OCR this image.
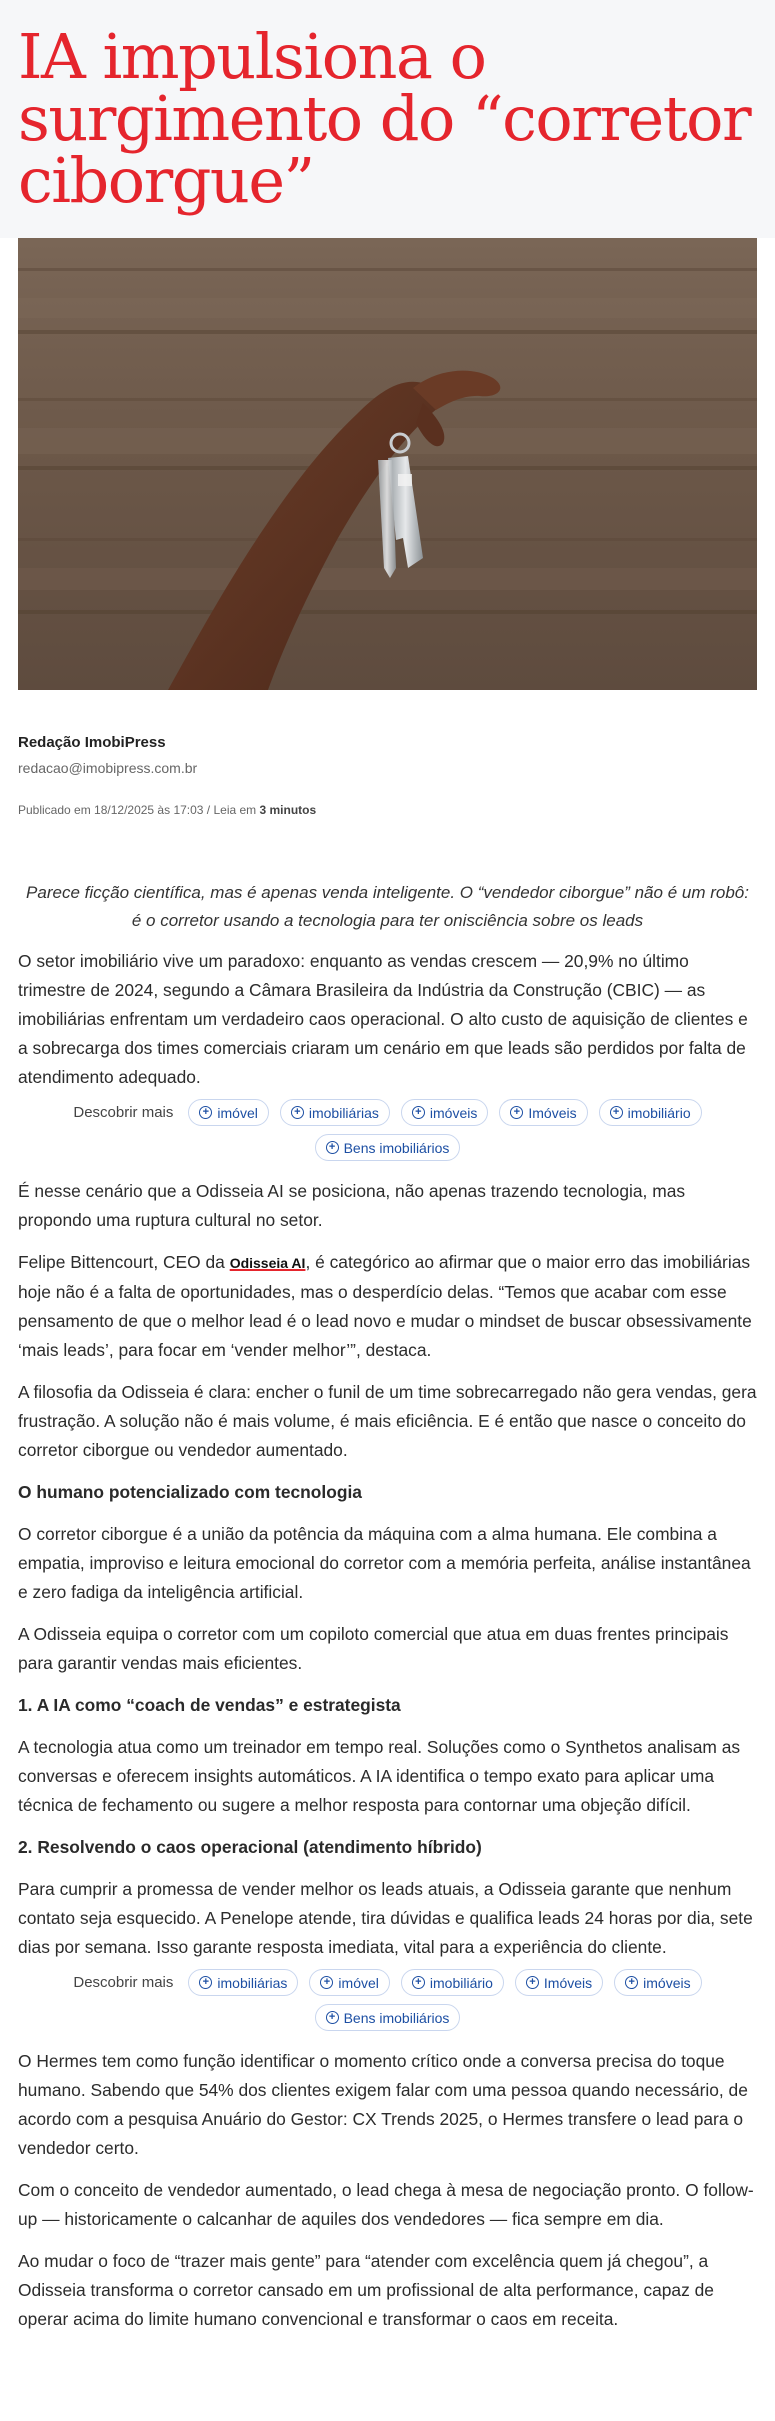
IA impulsiona o surgimento do “corretor ciborgue”
Redação ImobiPress
redacao@imobipress.com.br
Publicado em 18/12/2025 às 17:03 / Leia em 3 minutos

Parece ficção científica, mas é apenas venda inteligente. O “vendedor ciborgue” não é um robô: é o corretor usando a tecnologia para ter onisciência sobre os leads

O setor imobiliário vive um paradoxo: enquanto as vendas crescem — 20,9% no último trimestre de 2024, segundo a Câmara Brasileira da Indústria da Construção (CBIC) — as imobiliárias enfrentam um verdadeiro caos operacional. O alto custo de aquisição de clientes e a sobrecarga dos times comerciais criaram um cenário em que leads são perdidos por falta de atendimento adequado.

Descobrir mais	+ imóvel	+ imobiliárias	+ imóveis	+ Imóveis	+ imobiliário
+ Bens imobiliários

É nesse cenário que a Odisseia AI se posiciona, não apenas trazendo tecnologia, mas propondo uma ruptura cultural no setor.

Felipe Bittencourt, CEO da Odisseia AI, é categórico ao afirmar que o maior erro das imobiliárias hoje não é a falta de oportunidades, mas o desperdício delas. “Temos que acabar com esse pensamento de que o melhor lead é o lead novo e mudar o mindset de buscar obsessivamente ‘mais leads’, para focar em ‘vender melhor’”, destaca.

A filosofia da Odisseia é clara: encher o funil de um time sobrecarregado não gera vendas, gera frustração. A solução não é mais volume, é mais eficiência. E é então que nasce o conceito do corretor ciborgue ou vendedor aumentado.

O humano potencializado com tecnologia

O corretor ciborgue é a união da potência da máquina com a alma humana. Ele combina a empatia, improviso e leitura emocional do corretor com a memória perfeita, análise instantânea e zero fadiga da inteligência artificial.

A Odisseia equipa o corretor com um copiloto comercial que atua em duas frentes principais para garantir vendas mais eficientes.

1. A IA como “coach de vendas” e estrategista

A tecnologia atua como um treinador em tempo real. Soluções como o Synthetos analisam as conversas e oferecem insights automáticos. A IA identifica o tempo exato para aplicar uma técnica de fechamento ou sugere a melhor resposta para contornar uma objeção difícil.

2. Resolvendo o caos operacional (atendimento híbrido)

Para cumprir a promessa de vender melhor os leads atuais, a Odisseia garante que nenhum contato seja esquecido. A Penelope atende, tira dúvidas e qualifica leads 24 horas por dia, sete dias por semana. Isso garante resposta imediata, vital para a experiência do cliente.

Descobrir mais	+ imobiliárias	+ imóvel	+ imobiliário	+ Imóveis	+ imóveis
+ Bens imobiliários

O Hermes tem como função identificar o momento crítico onde a conversa precisa do toque humano. Sabendo que 54% dos clientes exigem falar com uma pessoa quando necessário, de acordo com a pesquisa Anuário do Gestor: CX Trends 2025, o Hermes transfere o lead para o vendedor certo.

Com o conceito de vendedor aumentado, o lead chega à mesa de negociação pronto. O follow-up — historicamente o calcanhar de aquiles dos vendedores — fica sempre em dia.

Ao mudar o foco de “trazer mais gente” para “atender com excelência quem já chegou”, a Odisseia transforma o corretor cansado em um profissional de alta performance, capaz de operar acima do limite humano convencional e transformar o caos em receita.
